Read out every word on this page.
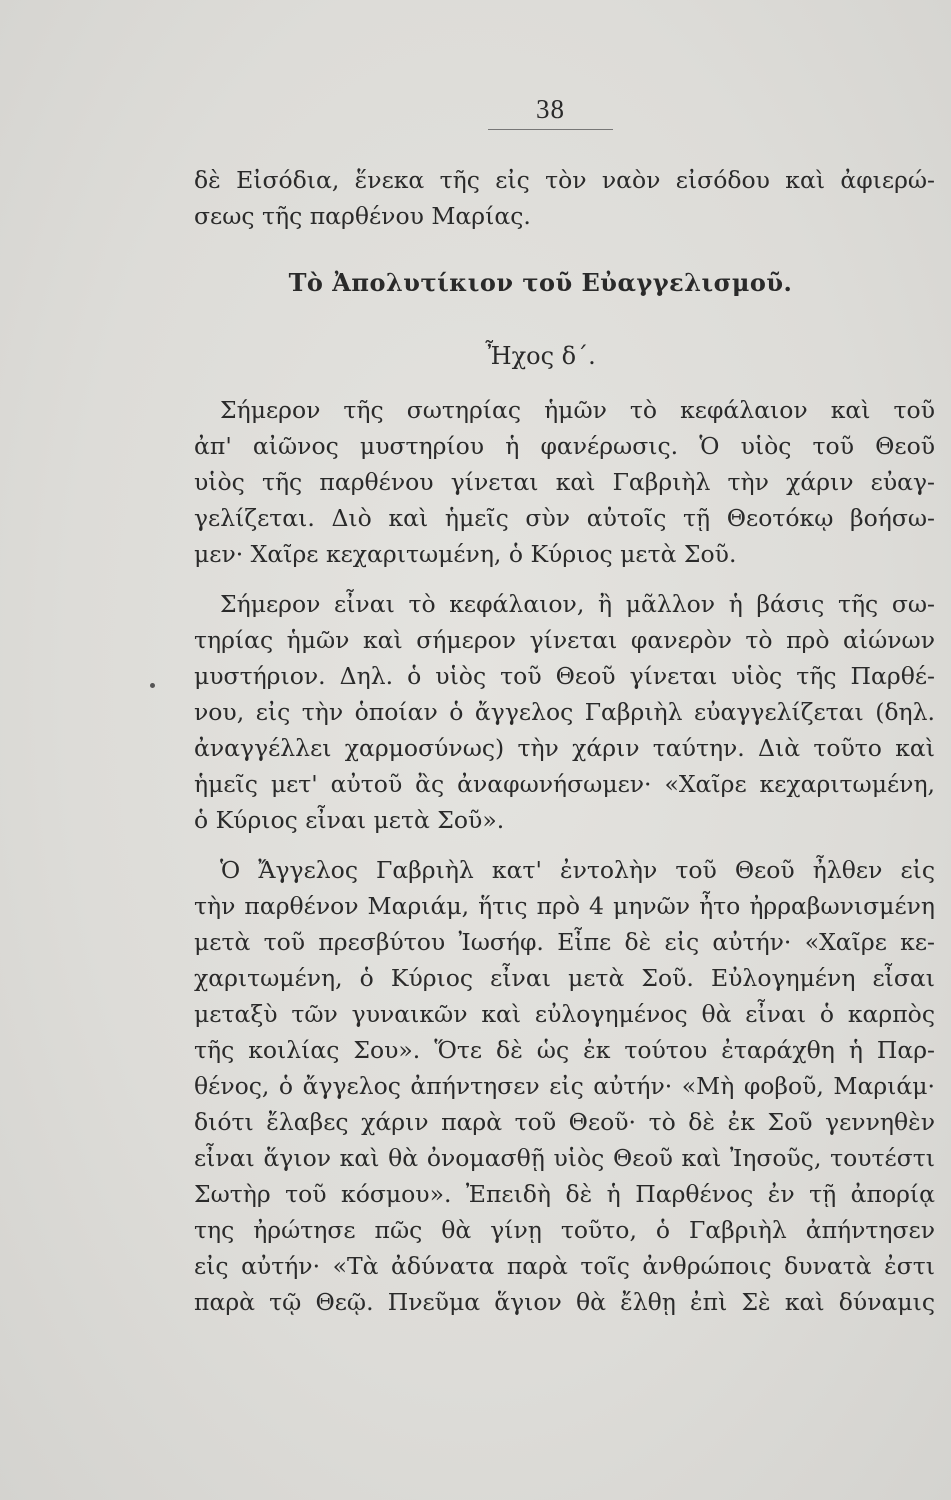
38
δὲ Εἰσόδια, ἕνεκα τῆς εἰς τὸν ναὸν εἰσόδου καὶ ἀφιερώ-
σεως τῆς παρθένου Μαρίας.
Τὸ Ἀπολυτίκιον τοῦ Εὐαγγελισμοῦ.
Ἦχος δ΄.
Σήμερον τῆς σωτηρίας ἡμῶν τὸ κεφάλαιον καὶ τοῦ
ἀπ' αἰῶνος μυστηρίου ἡ φανέρωσις. Ὁ υἱὸς τοῦ Θεοῦ
υἱὸς τῆς παρθένου γίνεται καὶ Γαβριὴλ τὴν χάριν εὐαγ-
γελίζεται. Διὸ καὶ ἡμεῖς σὺν αὐτοῖς τῇ Θεοτόκῳ βοήσω-
μεν· Χαῖρε κεχαριτωμένη, ὁ Κύριος μετὰ Σοῦ.
Σήμερον εἶναι τὸ κεφάλαιον, ἢ μᾶλλον ἡ βάσις τῆς σω-
τηρίας ἡμῶν καὶ σήμερον γίνεται φανερὸν τὸ πρὸ αἰώνων
μυστήριον. Δηλ. ὁ υἱὸς τοῦ Θεοῦ γίνεται υἱὸς τῆς Παρθέ-
νου, εἰς τὴν ὁποίαν ὁ ἄγγελος Γαβριὴλ εὐαγγελίζεται (δηλ.
ἀναγγέλλει χαρμοσύνως) τὴν χάριν ταύτην. Διὰ τοῦτο καὶ
ἡμεῖς μετ' αὐτοῦ ἂς ἀναφωνήσωμεν· «Χαῖρε κεχαριτωμένη,
ὁ Κύριος εἶναι μετὰ Σοῦ».
Ὁ Ἄγγελος Γαβριὴλ κατ' ἐντολὴν τοῦ Θεοῦ ἦλθεν εἰς
τὴν παρθένον Μαριάμ, ἥτις πρὸ 4 μηνῶν ἦτο ἠρραβωνισμένη
μετὰ τοῦ πρεσβύτου Ἰωσήφ. Εἶπε δὲ εἰς αὐτήν· «Χαῖρε κε-
χαριτωμένη, ὁ Κύριος εἶναι μετὰ Σοῦ. Εὐλογημένη εἶσαι
μεταξὺ τῶν γυναικῶν καὶ εὐλογημένος θὰ εἶναι ὁ καρπὸς
τῆς κοιλίας Σου». Ὅτε δὲ ὡς ἐκ τούτου ἐταράχθη ἡ Παρ-
θένος, ὁ ἄγγελος ἀπήντησεν εἰς αὐτήν· «Μὴ φοβοῦ, Μαριάμ·
διότι ἔλαβες χάριν παρὰ τοῦ Θεοῦ· τὸ δὲ ἐκ Σοῦ γεννηθὲν
εἶναι ἅγιον καὶ θὰ ὀνομασθῇ υἱὸς Θεοῦ καὶ Ἰησοῦς, τουτέστι
Σωτὴρ τοῦ κόσμου». Ἐπειδὴ δὲ ἡ Παρθένος ἐν τῇ ἀπορίᾳ
της ἠρώτησε πῶς θὰ γίνῃ τοῦτο, ὁ Γαβριὴλ ἀπήντησεν
εἰς αὐτήν· «Τὰ ἀδύνατα παρὰ τοῖς ἀνθρώποις δυνατὰ ἐστι
παρὰ τῷ Θεῷ. Πνεῦμα ἅγιον θὰ ἔλθῃ ἐπὶ Σὲ καὶ δύναμις
